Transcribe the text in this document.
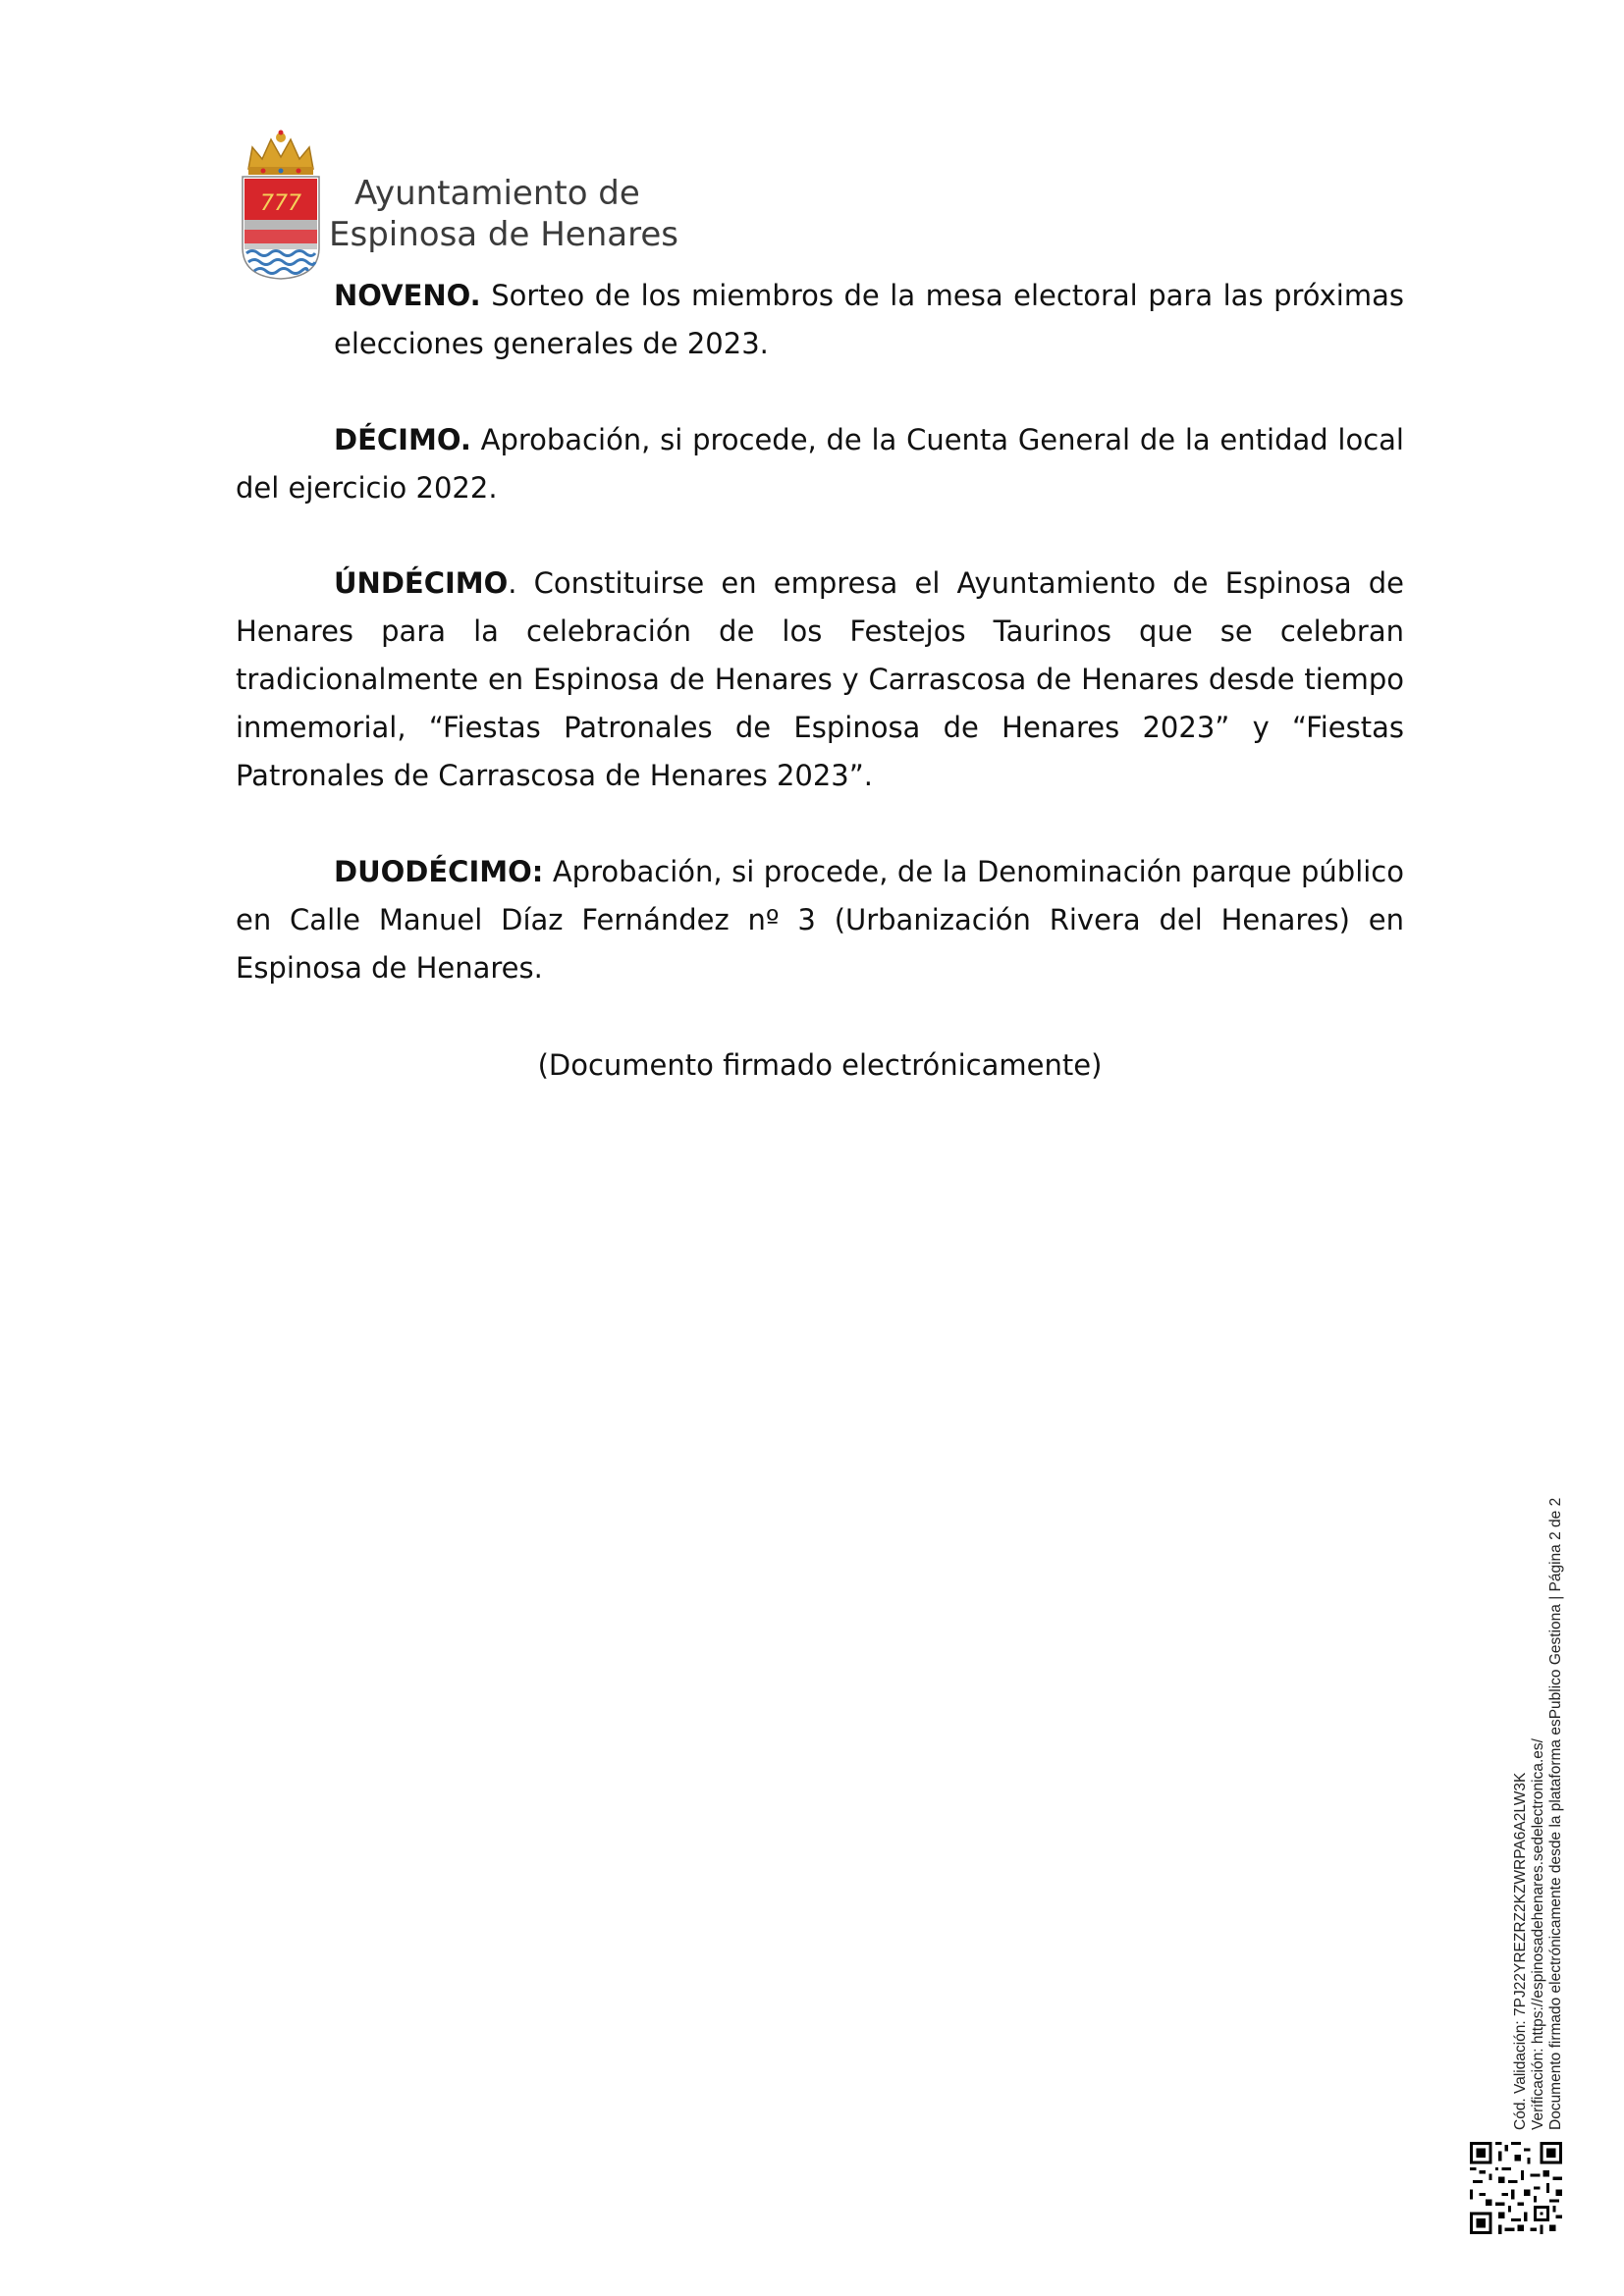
777	Ayuntamiento de
Espinosa de Henares

NOVENO. Sorteo de los miembros de la mesa electoral para las próximas elecciones generales de 2023.

DÉCIMO. Aprobación, si procede, de la Cuenta General de la entidad local del ejercicio 2022.

ÚNDÉCIMO. Constituirse en empresa el Ayuntamiento de Espinosa de Henares para la celebración de los Festejos Taurinos que se celebran tradicionalmente en Espinosa de Henares y Carrascosa de Henares desde tiempo inmemorial, “Fiestas Patronales de Espinosa de Henares 2023” y “Fiestas Patronales de Carrascosa de Henares 2023”.

DUODÉCIMO: Aprobación, si procede, de la Denominación parque público en Calle Manuel Díaz Fernández nº 3 (Urbanización Rivera del Henares) en Espinosa de Henares.

(Documento firmado electrónicamente)
Cód. Validación: 7PJ22YREZRZ2KZWRPA6A2LW3K Verificación: https://espinosadehenares.sedelectronica.es/ Documento firmado electrónicamente desde la plataforma esPublico Gestiona | Página 2 de 2
